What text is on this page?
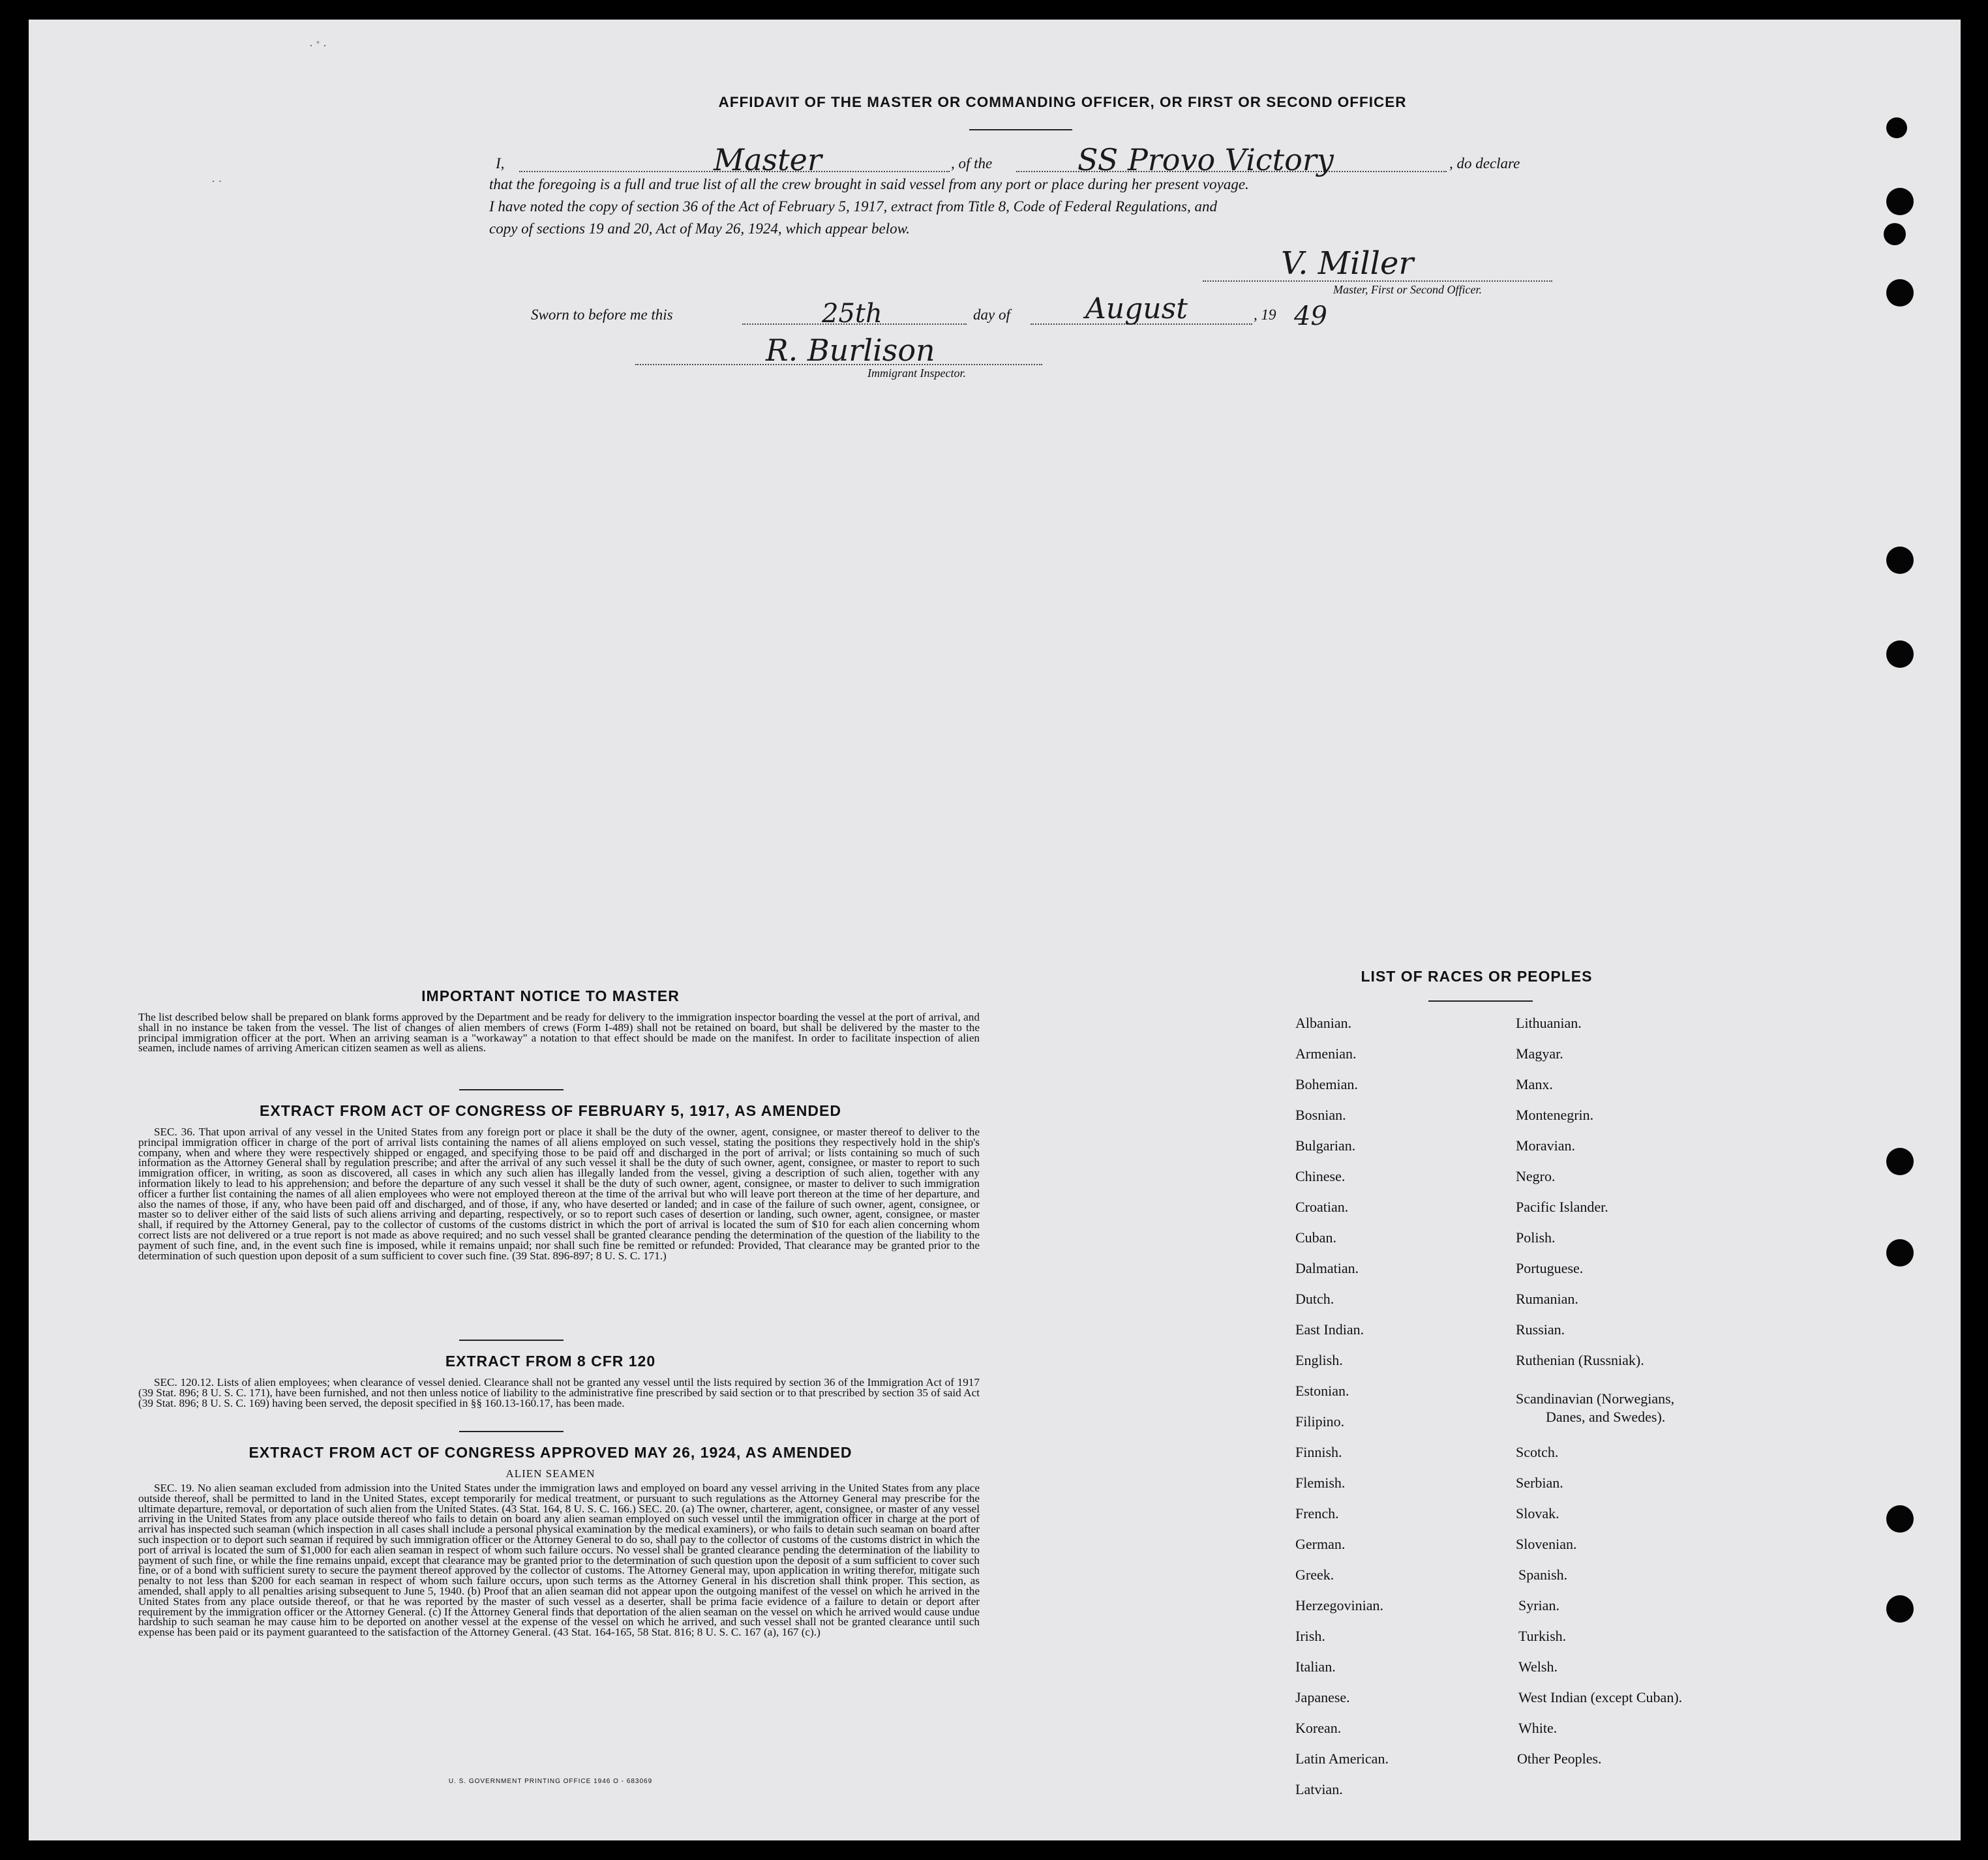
AFFIDAVIT OF THE MASTER OR COMMANDING OFFICER, OR FIRST OR SECOND OFFICER
I,	, of the	, do declare
Master	SS Provo Victory
that the foregoing is a full and true list of all the crew brought in said vessel from any port or place during her present voyage.
I have noted the copy of section 36 of the Act of February 5, 1917, extract from Title 8, Code of Federal Regulations, and
copy of sections 19 and 20, Act of May 26, 1924, which appear below.
V. Miller
Master, First or Second Officer.
Sworn to before me this	25th	day of	August	, 19 49
R. Burlison
Immigrant Inspector.
· ˚ ·
· ·
IMPORTANT NOTICE TO MASTER
The list described below shall be prepared on blank forms approved by the Department and be ready for delivery to the immigration inspector boarding the vessel at the port of arrival, and shall in no instance be taken from the vessel. The list of changes of alien members of crews (Form I-489) shall not be retained on board, but shall be delivered by the master to the principal immigration officer at the port. When an arriving seaman is a "workaway" a notation to that effect should be made on the manifest. In order to facilitate inspection of alien seamen, include names of arriving American citizen seamen as well as aliens.
EXTRACT FROM ACT OF CONGRESS OF FEBRUARY 5, 1917, AS AMENDED
SEC. 36. That upon arrival of any vessel in the United States from any foreign port or place it shall be the duty of the owner, agent, consignee, or master thereof to deliver to the principal immigration officer in charge of the port of arrival lists containing the names of all aliens employed on such vessel, stating the positions they respectively hold in the ship's company, when and where they were respectively shipped or engaged, and specifying those to be paid off and discharged in the port of arrival; or lists containing so much of such information as the Attorney General shall by regulation prescribe; and after the arrival of any such vessel it shall be the duty of such owner, agent, consignee, or master to report to such immigration officer, in writing, as soon as discovered, all cases in which any such alien has illegally landed from the vessel, giving a description of such alien, together with any information likely to lead to his apprehension; and before the departure of any such vessel it shall be the duty of such owner, agent, consignee, or master to deliver to such immigration officer a further list containing the names of all alien employees who were not employed thereon at the time of the arrival but who will leave port thereon at the time of her departure, and also the names of those, if any, who have been paid off and discharged, and of those, if any, who have deserted or landed; and in case of the failure of such owner, agent, consignee, or master so to deliver either of the said lists of such aliens arriving and departing, respectively, or so to report such cases of desertion or landing, such owner, agent, consignee, or master shall, if required by the Attorney General, pay to the collector of customs of the customs district in which the port of arrival is located the sum of $10 for each alien concerning whom correct lists are not delivered or a true report is not made as above required; and no such vessel shall be granted clearance pending the determination of the question of the liability to the payment of such fine, and, in the event such fine is imposed, while it remains unpaid; nor shall such fine be remitted or refunded: Provided, That clearance may be granted prior to the determination of such question upon deposit of a sum sufficient to cover such fine. (39 Stat. 896-897; 8 U. S. C. 171.)
EXTRACT FROM 8 CFR 120
SEC. 120.12. Lists of alien employees; when clearance of vessel denied. Clearance shall not be granted any vessel until the lists required by section 36 of the Immigration Act of 1917 (39 Stat. 896; 8 U. S. C. 171), have been furnished, and not then unless notice of liability to the administrative fine prescribed by said section or to that prescribed by section 35 of said Act (39 Stat. 896; 8 U. S. C. 169) having been served, the deposit specified in §§ 160.13-160.17, has been made.
EXTRACT FROM ACT OF CONGRESS APPROVED MAY 26, 1924, AS AMENDED
ALIEN SEAMEN
SEC. 19. No alien seaman excluded from admission into the United States under the immigration laws and employed on board any vessel arriving in the United States from any place outside thereof, shall be permitted to land in the United States, except temporarily for medical treatment, or pursuant to such regulations as the Attorney General may prescribe for the ultimate departure, removal, or deportation of such alien from the United States. (43 Stat. 164, 8 U. S. C. 166.) SEC. 20. (a) The owner, charterer, agent, consignee, or master of any vessel arriving in the United States from any place outside thereof who fails to detain on board any alien seaman employed on such vessel until the immigration officer in charge at the port of arrival has inspected such seaman (which inspection in all cases shall include a personal physical examination by the medical examiners), or who fails to detain such seaman on board after such inspection or to deport such seaman if required by such immigration officer or the Attorney General to do so, shall pay to the collector of customs of the customs district in which the port of arrival is located the sum of $1,000 for each alien seaman in respect of whom such failure occurs. No vessel shall be granted clearance pending the determination of the liability to payment of such fine, or while the fine remains unpaid, except that clearance may be granted prior to the determination of such question upon the deposit of a sum sufficient to cover such fine, or of a bond with sufficient surety to secure the payment thereof approved by the collector of customs. The Attorney General may, upon application in writing therefor, mitigate such penalty to not less than $200 for each seaman in respect of whom such failure occurs, upon such terms as the Attorney General in his discretion shall think proper. This section, as amended, shall apply to all penalties arising subsequent to June 5, 1940. (b) Proof that an alien seaman did not appear upon the outgoing manifest of the vessel on which he arrived in the United States from any place outside thereof, or that he was reported by the master of such vessel as a deserter, shall be prima facie evidence of a failure to detain or deport after requirement by the immigration officer or the Attorney General. (c) If the Attorney General finds that deportation of the alien seaman on the vessel on which he arrived would cause undue hardship to such seaman he may cause him to be deported on another vessel at the expense of the vessel on which he arrived, and such vessel shall not be granted clearance until such expense has been paid or its payment guaranteed to the satisfaction of the Attorney General. (43 Stat. 164-165, 58 Stat. 816; 8 U. S. C. 167 (a), 167 (c).)
U. S. GOVERNMENT PRINTING OFFICE 1946 O - 683069
LIST OF RACES OR PEOPLES
Albanian.
Armenian.
Bohemian.
Bosnian.
Bulgarian.
Chinese.
Croatian.
Cuban.
Dalmatian.
Dutch.
East Indian.
English.
Estonian.
Filipino.
Finnish.
Flemish.
French.
German.
Greek.
Herzegovinian.
Irish.
Italian.
Japanese.
Korean.
Latin American.
Latvian.
Lithuanian.
Magyar.
Manx.
Montenegrin.
Moravian.
Negro.
Pacific Islander.
Polish.
Portuguese.
Rumanian.
Russian.
Ruthenian (Russniak).
Scandinavian (Norwegians,
Danes, and Swedes).
Scotch.
Serbian.
Slovak.
Slovenian.
Spanish.
Syrian.
Turkish.
Welsh.
West Indian (except Cuban).
White.
Other Peoples.
